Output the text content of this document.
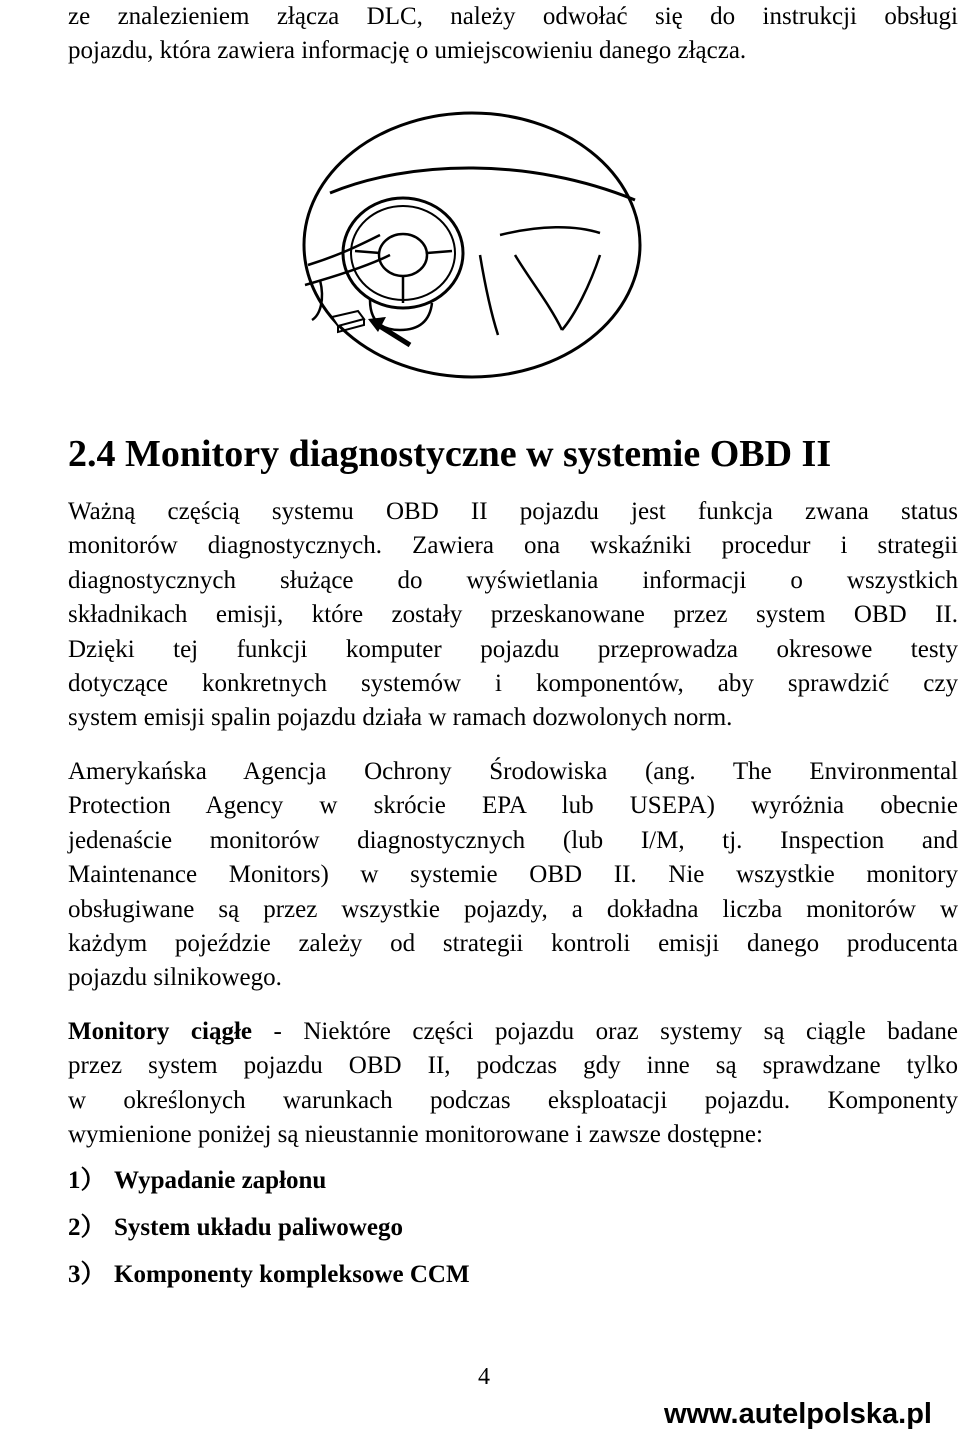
ze znalezieniem złącza DLC, należy odwołać się do instrukcji obsługi
pojazdu, która zawiera informację o umiejscowieniu danego złącza.
2.4 Monitory diagnostyczne w systemie OBD II
Ważną częścią systemu OBD II pojazdu jest funkcja zwana status
monitorów diagnostycznych. Zawiera ona wskaźniki procedur i strategii
diagnostycznych służące do wyświetlania informacji o wszystkich
składnikach emisji, które zostały przeskanowane przez system OBD II.
Dzięki tej funkcji komputer pojazdu przeprowadza okresowe testy
dotyczące konkretnych systemów i komponentów, aby sprawdzić czy
system emisji spalin pojazdu działa w ramach dozwolonych norm.
Amerykańska Agencja Ochrony Środowiska (ang. The Environmental
Protection Agency w skrócie EPA lub USEPA) wyróżnia obecnie
jedenaście monitorów diagnostycznych (lub I/M, tj. Inspection and
Maintenance Monitors) w systemie OBD II. Nie wszystkie monitory
obsługiwane są przez wszystkie pojazdy, a dokładna liczba monitorów w
każdym pojeździe zależy od strategii kontroli emisji danego producenta
pojazdu silnikowego.
Monitory ciągłe - Niektóre części pojazdu oraz systemy są ciągle badane
przez system pojazdu OBD II, podczas gdy inne są sprawdzane tylko
w określonych warunkach podczas eksploatacji pojazdu. Komponenty
wymienione poniżej są nieustannie monitorowane i zawsze dostępne:
1） Wypadanie zapłonu
2） System układu paliwowego
3） Komponenty kompleksowe CCM
4
www.autelpolska.pl
